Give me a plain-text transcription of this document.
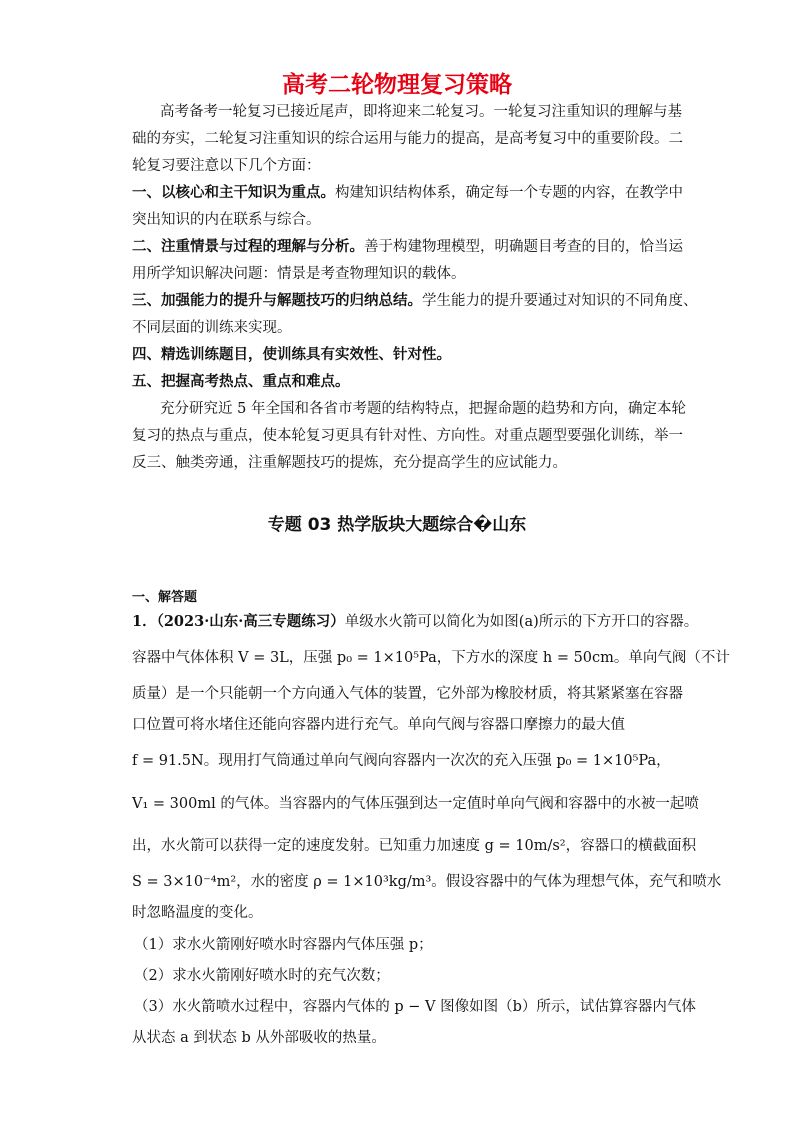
高考二轮物理复习策略
高考备考一轮复习已接近尾声，即将迎来二轮复习。一轮复习注重知识的理解与基
础的夯实，二轮复习注重知识的综合运用与能力的提高，是高考复习中的重要阶段。二
轮复习要注意以下几个方面：
一、以核心和主干知识为重点。构建知识结构体系，确定每一个专题的内容，在教学中
突出知识的内在联系与综合。
二、注重情景与过程的理解与分析。善于构建物理模型，明确题目考查的目的，恰当运
用所学知识解决问题：情景是考查物理知识的载体。
三、加强能力的提升与解题技巧的归纳总结。学生能力的提升要通过对知识的不同角度、
不同层面的训练来实现。
四、精选训练题目，使训练具有实效性、针对性。
五、把握高考热点、重点和难点。
充分研究近 5 年全国和各省市考题的结构特点，把握命题的趋势和方向，确定本轮
复习的热点与重点，使本轮复习更具有针对性、方向性。对重点题型要强化训练，举一
反三、触类旁通，注重解题技巧的提炼，充分提高学生的应试能力。
专题 03 热学版块大题综合�山东
一、解答题
1．（2023·山东·高三专题练习）单级水火箭可以简化为如图(a)所示的下方开口的容器。
容器中气体体积 V = 3L，压强 p₀ = 1×10⁵Pa，下方水的深度 h = 50cm。单向气阀（不计
质量）是一个只能朝一个方向通入气体的装置，它外部为橡胶材质，将其紧紧塞在容器
口位置可将水堵住还能向容器内进行充气。单向气阀与容器口摩擦力的最大值
f = 91.5N。现用打气筒通过单向气阀向容器内一次次的充入压强 p₀ = 1×10⁵Pa，
V₁ = 300ml 的气体。当容器内的气体压强到达一定值时单向气阀和容器中的水被一起喷
出，水火箭可以获得一定的速度发射。已知重力加速度 g = 10m/s²，容器口的横截面积
S = 3×10⁻⁴m²，水的密度 ρ = 1×10³kg/m³。假设容器中的气体为理想气体，充气和喷水
时忽略温度的变化。
（1）求水火箭刚好喷水时容器内气体压强 p；
（2）求水火箭刚好喷水时的充气次数；
（3）水火箭喷水过程中，容器内气体的 p − V 图像如图（b）所示，试估算容器内气体
从状态 a 到状态 b 从外部吸收的热量。
